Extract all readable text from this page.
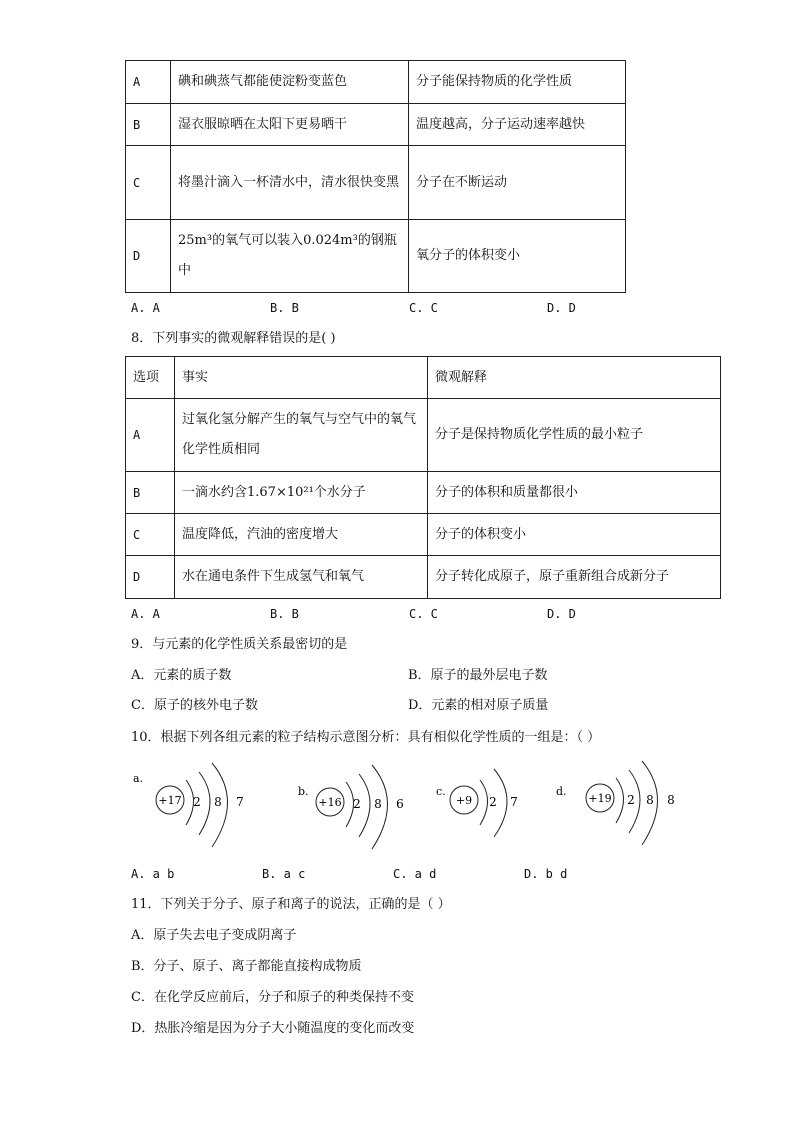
A	碘和碘蒸气都能使淀粉变蓝色	分子能保持物质的化学性质
B	湿衣服晾晒在太阳下更易晒干	温度越高，分子运动速率越快
C	将墨汁滴入一杯清水中，清水很快变黑	分子在不断运动
D	25m³的氧气可以装入0.024m³的钢瓶中	氧分子的体积变小
A. A	B. B	C. C	D. D
8．下列事实的微观解释错误的是( )
选项	事实	微观解释
A	过氧化氢分解产生的氧气与空气中的氧气化学性质相同	分子是保持物质化学性质的最小粒子
B	一滴水约含1.67×10²¹个水分子	分子的体积和质量都很小
C	温度降低，汽油的密度增大	分子的体积变小
D	水在通电条件下生成氢气和氧气	分子转化成原子，原子重新组合成新分子
A. A	B. B	C. C	D. D
9．与元素的化学性质关系最密切的是
A．元素的质子数	B．原子的最外层电子数
C．原子的核外电子数	D．元素的相对原子质量
10．根据下列各组元素的粒子结构示意图分析：具有相似化学性质的一组是：（ ）
a.
+17 2 8 7
b.
+16 2 8 6
c.
+9 2 7
d.
+19 2 8 8
A. a b	B. a c	C. a d	D. b d
11．下列关于分子、原子和离子的说法，正确的是（ ）
A．原子失去电子变成阴离子
B．分子、原子、离子都能直接构成物质
C．在化学反应前后，分子和原子的种类保持不变
D．热胀冷缩是因为分子大小随温度的变化而改变
